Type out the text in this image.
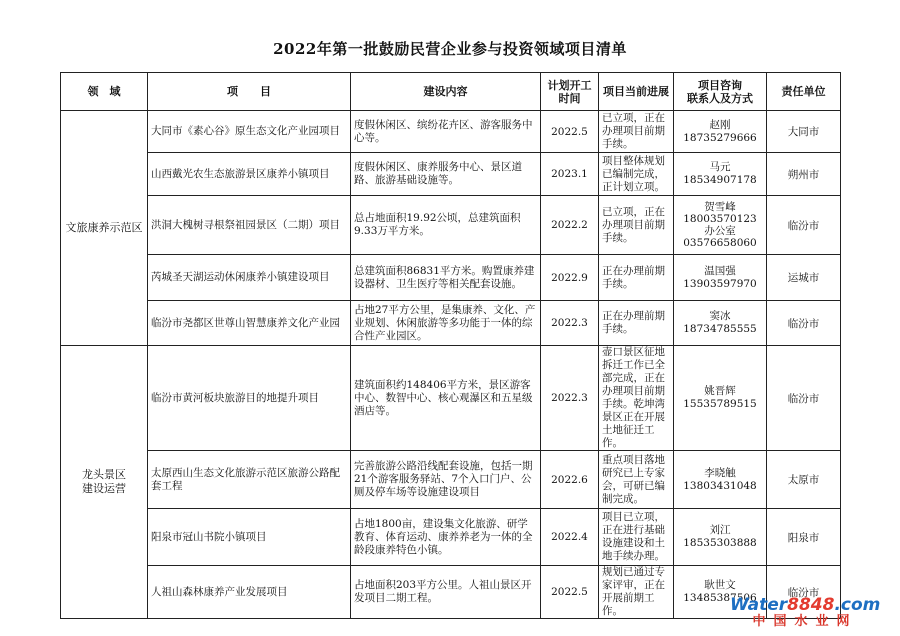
2022年第一批鼓励民营企业参与投资领域项目清单
领　域	项　　目	建设内容	计划开工
时间	项目当前进展	项目咨询
联系人及方式	责任单位
文旅康养示范区	大同市《素心谷》原生态文化产业园项目	度假休闲区、缤纷花卉区、游客服务中心等。	2022.5	已立项，正在办理项目前期手续。	赵刚
18735279666	大同市
	山西戴光农生态旅游景区康养小镇项目	度假休闲区、康养服务中心、景区道路、旅游基础设施等。	2023.1	项目整体规划已编制完成，正计划立项。	马元
18534907178	朔州市
	洪洞大槐树寻根祭祖园景区（二期）项目	总占地面积19.92公顷，总建筑面积9.33万平方米。	2022.2	已立项，正在办理项目前期手续。	贺雪峰
18003570123
办公室
03576658060	临汾市
	芮城圣天湖运动休闲康养小镇建设项目	总建筑面积86831平方米。购置康养建设器材、卫生医疗等相关配套设施。	2022.9	正在办理前期手续。	温国强
13903597970	运城市
	临汾市尧都区世尊山智慧康养文化产业园	占地27平方公里，是集康养、文化、产业规划、休闲旅游等多功能于一体的综合性产业园区。	2022.3	正在办理前期手续。	窦冰
18734785555	临汾市
龙头景区
建设运营	临汾市黄河板块旅游目的地提升项目	建筑面积约148406平方米，景区游客中心、数智中心、核心观瀑区和五星级酒店等。	2022.3	壶口景区征地拆迁工作已全部完成，正在办理项目前期手续。乾坤湾景区正在开展土地征迁工作。	姚晋辉
15535789515	临汾市
	太原西山生态文化旅游示范区旅游公路配套工程	完善旅游公路沿线配套设施，包括一期21个游客服务驿站、7个入口门户、公厕及停车场等设施建设项目	2022.6	重点项目落地研究已上专家会，可研已编制完成。	李晓触
13803431048	太原市
	阳泉市冠山书院小镇项目	占地1800亩，建设集文化旅游、研学教育、体育运动、康养养老为一体的全龄段康养特色小镇。	2022.4	项目已立项，正在进行基础设施建设和土地手续办理。	刘江
18535303888	阳泉市
	人祖山森林康养产业发展项目	占地面积203平方公里。人祖山景区开发项目二期工程。	2022.5	规划已通过专家评审，正在开展前期工作。	耿世文
13485387506	临汾市
Water8848.com
中国水业网
